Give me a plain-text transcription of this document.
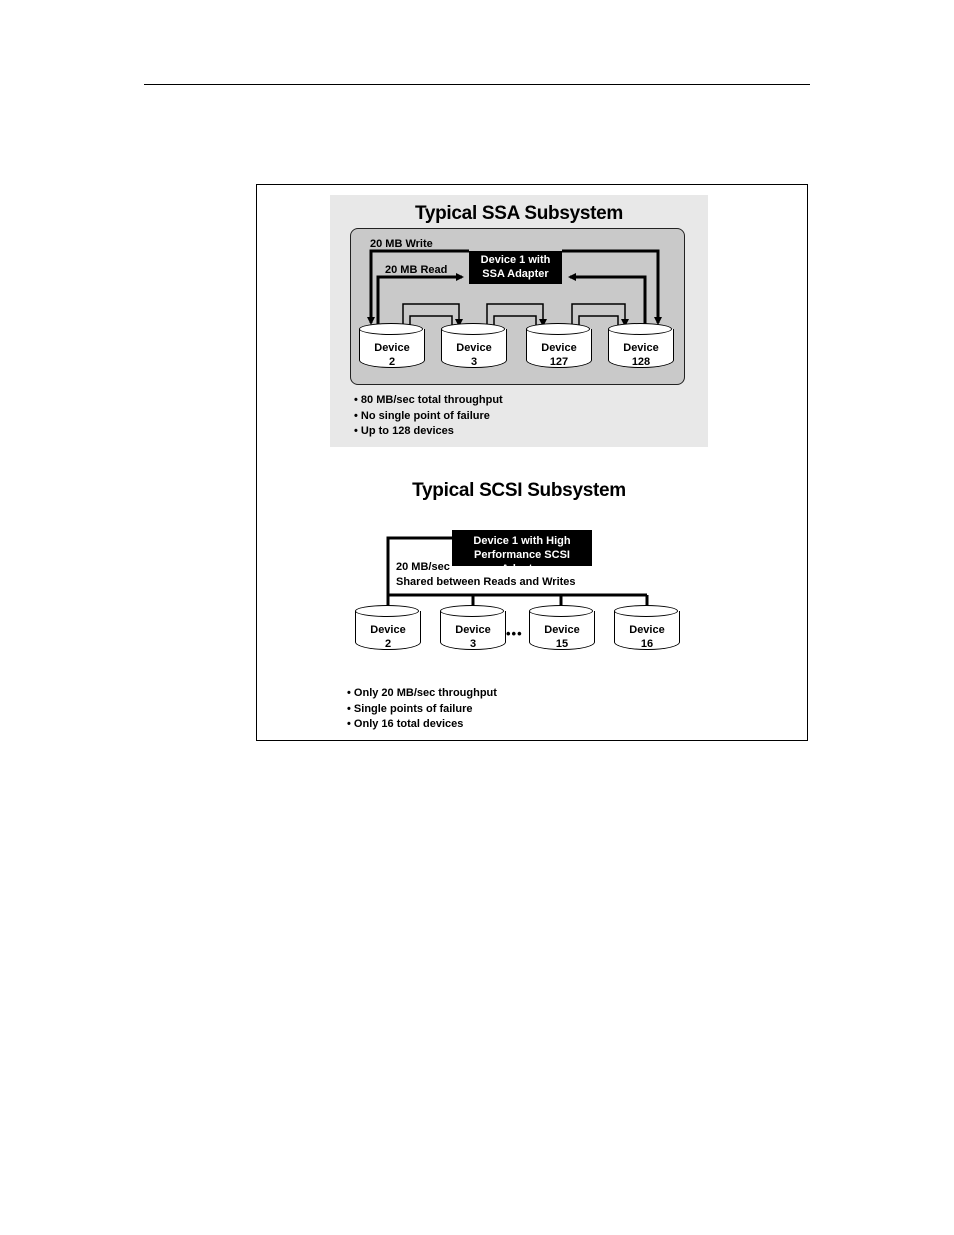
Typical SSA Subsystem
20 MB Write
20 MB Read
Device 1 with
SSA Adapter
Device
2
Device
3
Device
127
Device
128
• 80 MB/sec total throughput
• No single point of failure
• Up to 128 devices
Typical SCSI Subsystem
Device 1 with High
Performance SCSI Adapter
20 MB/sec
Shared between Reads and Writes
Device
2
Device
3
•••	Device
15
Device
16
• Only 20 MB/sec throughput
• Single points of failure
• Only 16 total devices
